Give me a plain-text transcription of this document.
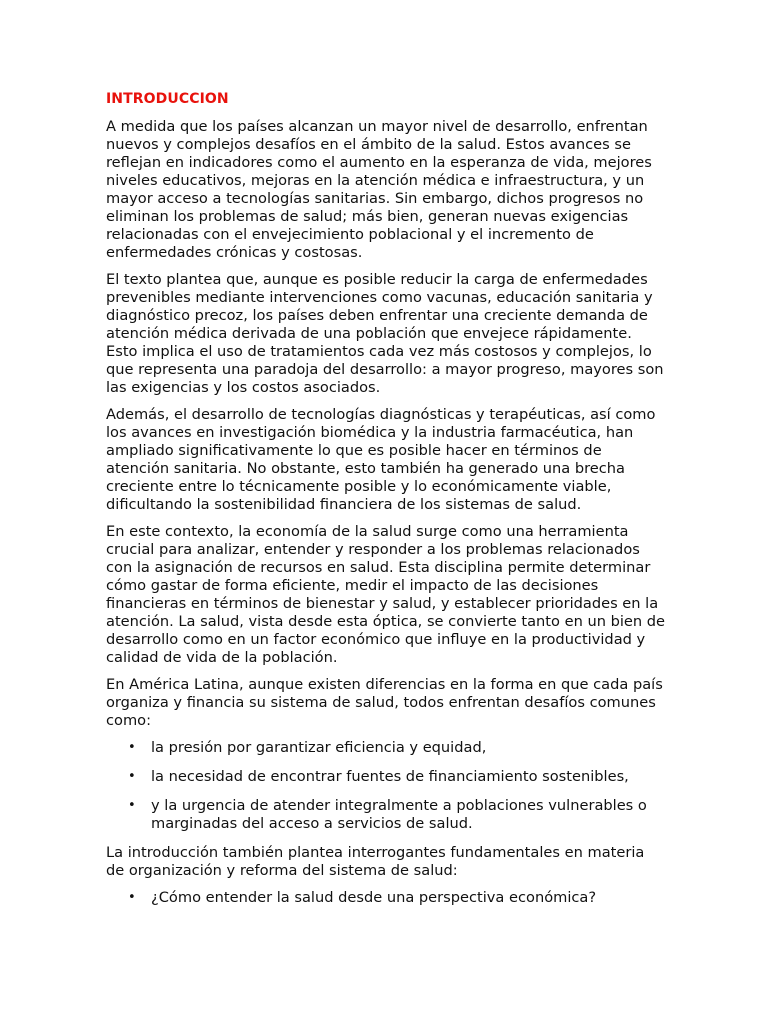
INTRODUCCION

A medida que los países alcanzan un mayor nivel de desarrollo, enfrentan nuevos y complejos desafíos en el ámbito de la salud. Estos avances se reflejan en indicadores como el aumento en la esperanza de vida, mejores niveles educativos, mejoras en la atención médica e infraestructura, y un mayor acceso a tecnologías sanitarias. Sin embargo, dichos progresos no eliminan los problemas de salud; más bien, generan nuevas exigencias relacionadas con el envejecimiento poblacional y el incremento de enfermedades crónicas y costosas.

El texto plantea que, aunque es posible reducir la carga de enfermedades prevenibles mediante intervenciones como vacunas, educación sanitaria y diagnóstico precoz, los países deben enfrentar una creciente demanda de atención médica derivada de una población que envejece rápidamente. Esto implica el uso de tratamientos cada vez más costosos y complejos, lo que representa una paradoja del desarrollo: a mayor progreso, mayores son las exigencias y los costos asociados.

Además, el desarrollo de tecnologías diagnósticas y terapéuticas, así como los avances en investigación biomédica y la industria farmacéutica, han ampliado significativamente lo que es posible hacer en términos de atención sanitaria. No obstante, esto también ha generado una brecha creciente entre lo técnicamente posible y lo económicamente viable, dificultando la sostenibilidad financiera de los sistemas de salud.

En este contexto, la economía de la salud surge como una herramienta crucial para analizar, entender y responder a los problemas relacionados con la asignación de recursos en salud. Esta disciplina permite determinar cómo gastar de forma eficiente, medir el impacto de las decisiones financieras en términos de bienestar y salud, y establecer prioridades en la atención. La salud, vista desde esta óptica, se convierte tanto en un bien de desarrollo como en un factor económico que influye en la productividad y calidad de vida de la población.

En América Latina, aunque existen diferencias en la forma en que cada país organiza y financia su sistema de salud, todos enfrentan desafíos comunes como:

• la presión por garantizar eficiencia y equidad,
• la necesidad de encontrar fuentes de financiamiento sostenibles,
• y la urgencia de atender integralmente a poblaciones vulnerables o marginadas del acceso a servicios de salud.

La introducción también plantea interrogantes fundamentales en materia de organización y reforma del sistema de salud:

• ¿Cómo entender la salud desde una perspectiva económica?
